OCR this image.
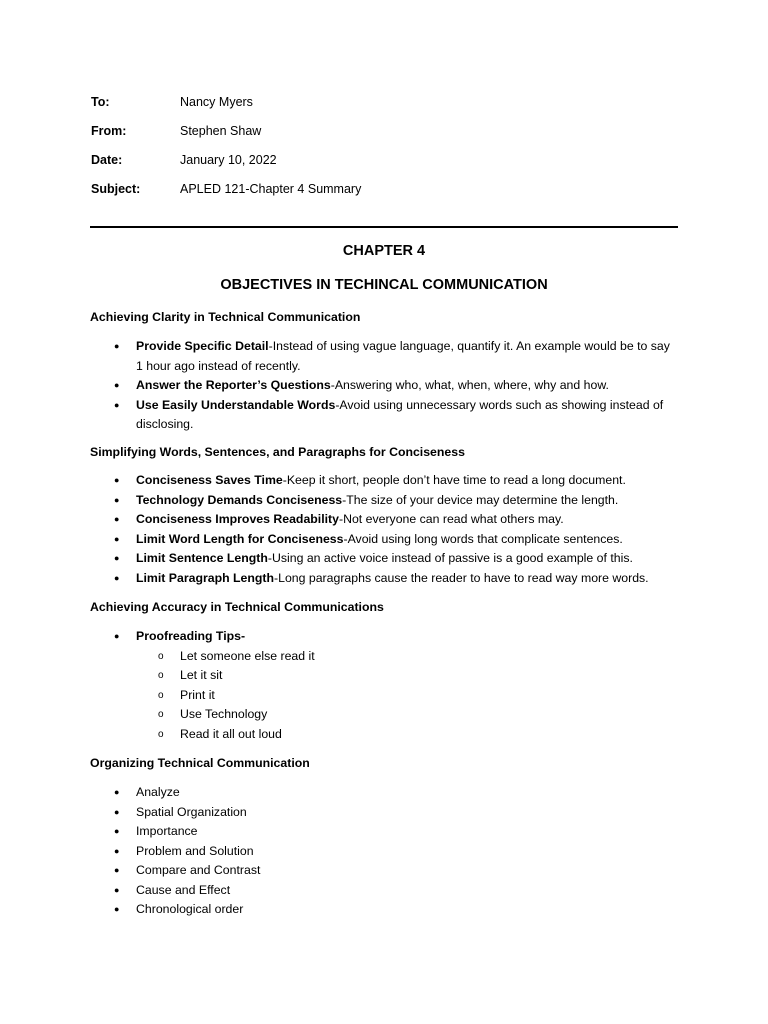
To:	Nancy Myers
From:	Stephen Shaw
Date:	January 10, 2022
Subject:	APLED 121-Chapter 4 Summary
CHAPTER 4
OBJECTIVES IN TECHINCAL COMMUNICATION
Achieving Clarity in Technical Communication
● Provide Specific Detail-Instead of using vague language, quantify it. An example would be to say
1 hour ago instead of recently.
● Answer the Reporter’s Questions-Answering who, what, when, where, why and how.
● Use Easily Understandable Words-Avoid using unnecessary words such as showing instead of
disclosing.
Simplifying Words, Sentences, and Paragraphs for Conciseness
● Conciseness Saves Time-Keep it short, people don’t have time to read a long document.
● Technology Demands Conciseness-The size of your device may determine the length.
● Conciseness Improves Readability-Not everyone can read what others may.
● Limit Word Length for Conciseness-Avoid using long words that complicate sentences.
● Limit Sentence Length-Using an active voice instead of passive is a good example of this.
● Limit Paragraph Length-Long paragraphs cause the reader to have to read way more words.
Achieving Accuracy in Technical Communications
● Proofreading Tips-
o Let someone else read it
o Let it sit
o Print it
o Use Technology
o Read it all out loud
Organizing Technical Communication
● Analyze
● Spatial Organization
● Importance
● Problem and Solution
● Compare and Contrast
● Cause and Effect
● Chronological order
